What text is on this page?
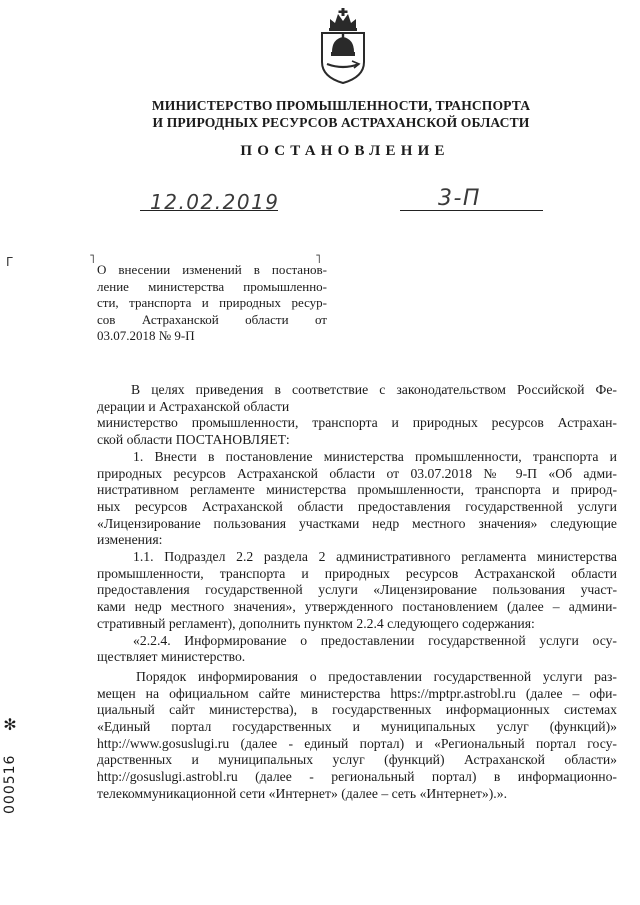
МИНИСТЕРСТВО ПРОМЫШЛЕННОСТИ, ТРАНСПОРТА
И ПРИРОДНЫХ РЕСУРСОВ АСТРАХАНСКОЙ ОБЛАСТИ
ПОСТАНОВЛЕНИЕ
12.02.2019	3-П
Γ	˥	˥
О внесении изменений в постанов-
ление министерства промышленно-
сти, транспорта и природных ресур-
сов Астраханской области от
03.07.2018 № 9-П
В целях приведения в соответствие с законодательством Российской Фе-
дерации и Астраханской области
министерство промышленности, транспорта и природных ресурсов Астрахан-
ской области ПОСТАНОВЛЯЕТ:
1. Внести в постановление министерства промышленности, транспорта и
природных ресурсов Астраханской области от 03.07.2018 № 9-П «Об адми-
нистративном регламенте министерства промышленности, транспорта и природ-
ных ресурсов Астраханской области предоставления государственной услуги
«Лицензирование пользования участками недр местного значения» следующие
изменения:
1.1. Подраздел 2.2 раздела 2 административного регламента министерства
промышленности, транспорта и природных ресурсов Астраханской области
предоставления государственной услуги «Лицензирование пользования участ-
ками недр местного значения», утвержденного постановлением (далее – админи-
стративный регламент), дополнить пунктом 2.2.4 следующего содержания:
«2.2.4. Информирование о предоставлении государственной услуги осу-
ществляет министерство.
Порядок информирования о предоставлении государственной услуги раз-
мещен на официальном сайте министерства https://mptpr.astrobl.ru (далее – офи-
циальный сайт министерства), в государственных информационных системах
«Единый портал государственных и муниципальных услуг (функций)»
http://www.gosuslugi.ru (далее - единый портал) и «Региональный портал госу-
дарственных и муниципальных услуг (функций) Астраханской области»
http://gosuslugi.astrobl.ru (далее - региональный портал) в информационно-
телекоммуникационной сети «Интернет» (далее – сеть «Интернет»).».
✻
000516
